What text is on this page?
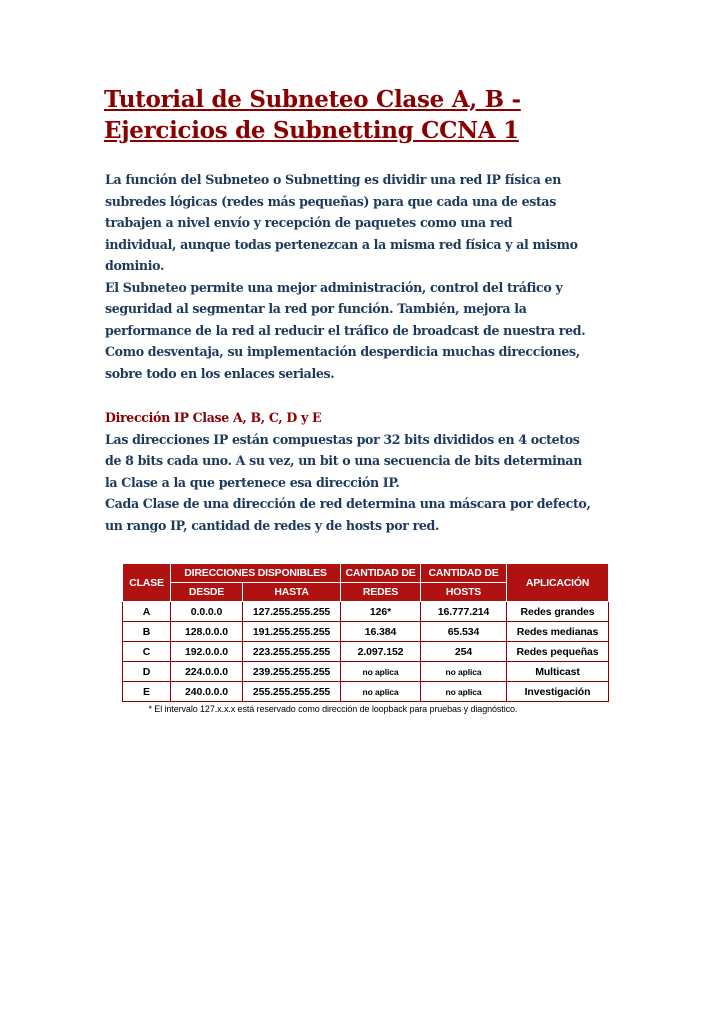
Tutorial de Subneteo Clase A, B -
Ejercicios de Subnetting CCNA 1

La función del Subneteo o Subnetting es dividir una red IP física en
subredes lógicas (redes más pequeñas) para que cada una de estas
trabajen a nivel envío y recepción de paquetes como una red
individual, aunque todas pertenezcan a la misma red física y al mismo
dominio.
El Subneteo permite una mejor administración, control del tráfico y
seguridad al segmentar la red por función. También, mejora la
performance de la red al reducir el tráfico de broadcast de nuestra red.
Como desventaja, su implementación desperdicia muchas direcciones,
sobre todo en los enlaces seriales.

Dirección IP Clase A, B, C, D y E
Las direcciones IP están compuestas por 32 bits divididos en 4 octetos
de 8 bits cada uno. A su vez, un bit o una secuencia de bits determinan
la Clase a la que pertenece esa dirección IP.
Cada Clase de una dirección de red determina una máscara por defecto,
un rango IP, cantidad de redes y de hosts por red.
CLASE	DIRECCIONES DISPONIBLES		CANTIDAD DE	CANTIDAD DE	APLICACIÓN
	DESDE	HASTA	REDES	HOSTS	
A	0.0.0.0	127.255.255.255	126*	16.777.214	Redes grandes
B	128.0.0.0	191.255.255.255	16.384	65.534	Redes medianas
C	192.0.0.0	223.255.255.255	2.097.152	254	Redes pequeñas
D	224.0.0.0	239.255.255.255	no aplica	no aplica	Multicast
E	240.0.0.0	255.255.255.255	no aplica	no aplica	Investigación
* El intervalo 127.x.x.x está reservado como dirección de loopback para pruebas y diagnóstico.					
